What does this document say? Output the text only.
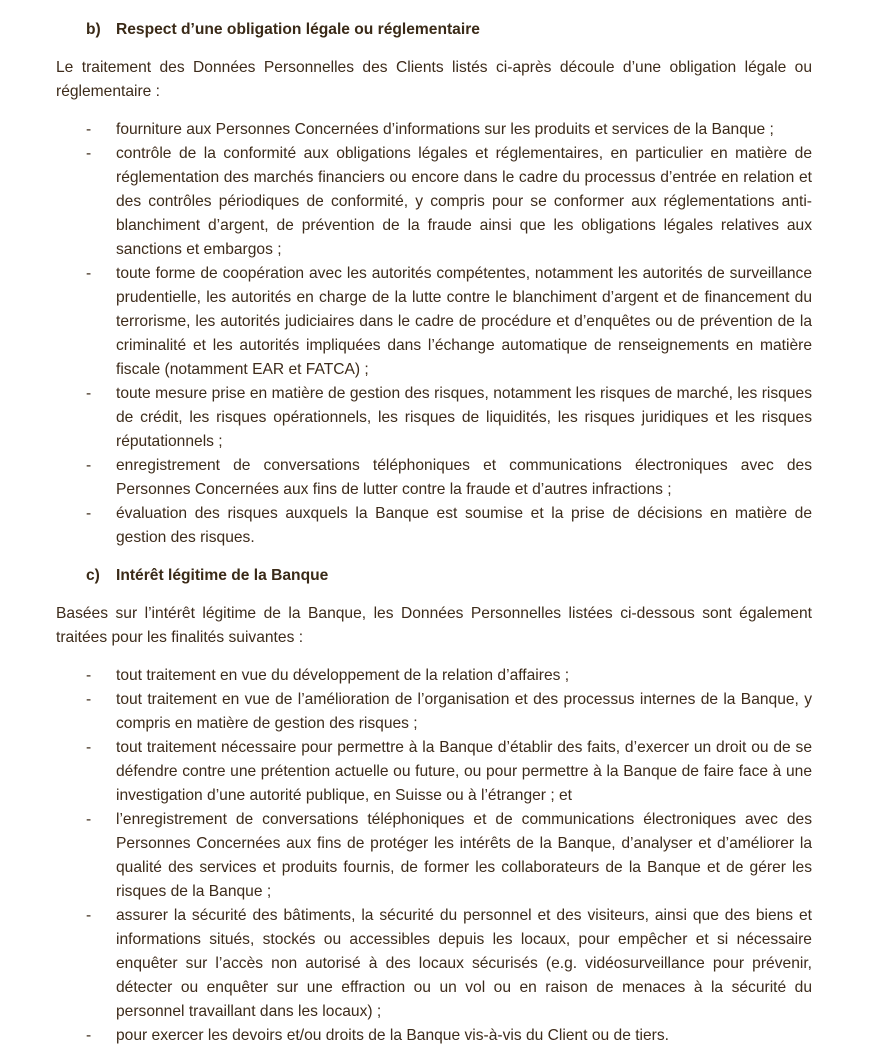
b) Respect d’une obligation légale ou réglementaire

Le traitement des Données Personnelles des Clients listés ci-après découle d’une obligation légale ou réglementaire :

-	fourniture aux Personnes Concernées d’informations sur les produits et services de la Banque ;
-	contrôle de la conformité aux obligations légales et réglementaires, en particulier en matière de réglementation des marchés financiers ou encore dans le cadre du processus d’entrée en relation et des contrôles périodiques de conformité, y compris pour se conformer aux réglementations anti-blanchiment d’argent, de prévention de la fraude ainsi que les obligations légales relatives aux sanctions et embargos ;
-	toute forme de coopération avec les autorités compétentes, notamment les autorités de surveillance prudentielle, les autorités en charge de la lutte contre le blanchiment d’argent et de financement du terrorisme, les autorités judiciaires dans le cadre de procédure et d’enquêtes ou de prévention de la criminalité et les autorités impliquées dans l’échange automatique de renseignements en matière fiscale (notamment EAR et FATCA) ;
-	toute mesure prise en matière de gestion des risques, notamment les risques de marché, les risques de crédit, les risques opérationnels, les risques de liquidités, les risques juridiques et les risques réputationnels ;
-	enregistrement de conversations téléphoniques et communications électroniques avec des Personnes Concernées aux fins de lutter contre la fraude et d’autres infractions ;
-	évaluation des risques auxquels la Banque est soumise et la prise de décisions en matière de gestion des risques.
c)	Intérêt légitime de la Banque

Basées sur l’intérêt légitime de la Banque, les Données Personnelles listées ci-dessous sont également traitées pour les finalités suivantes :

-	tout traitement en vue du développement de la relation d’affaires ;
-	tout traitement en vue de l’amélioration de l’organisation et des processus internes de la Banque, y compris en matière de gestion des risques ;
-	tout traitement nécessaire pour permettre à la Banque d’établir des faits, d’exercer un droit ou de se défendre contre une prétention actuelle ou future, ou pour permettre à la Banque de faire face à une investigation d’une autorité publique, en Suisse ou à l’étranger ; et
-	l’enregistrement de conversations téléphoniques et de communications électroniques avec des Personnes Concernées aux fins de protéger les intérêts de la Banque, d’analyser et d’améliorer la qualité des services et produits fournis, de former les collaborateurs de la Banque et de gérer les risques de la Banque ;
-	assurer la sécurité des bâtiments, la sécurité du personnel et des visiteurs, ainsi que des biens et informations situés, stockés ou accessibles depuis les locaux, pour empêcher et si nécessaire enquêter sur l’accès non autorisé à des locaux sécurisés (e.g. vidéosurveillance pour prévenir, détecter ou enquêter sur une effraction ou un vol ou en raison de menaces à la sécurité du personnel travaillant dans les locaux) ;
-	pour exercer les devoirs et/ou droits de la Banque vis-à-vis du Client ou de tiers.
